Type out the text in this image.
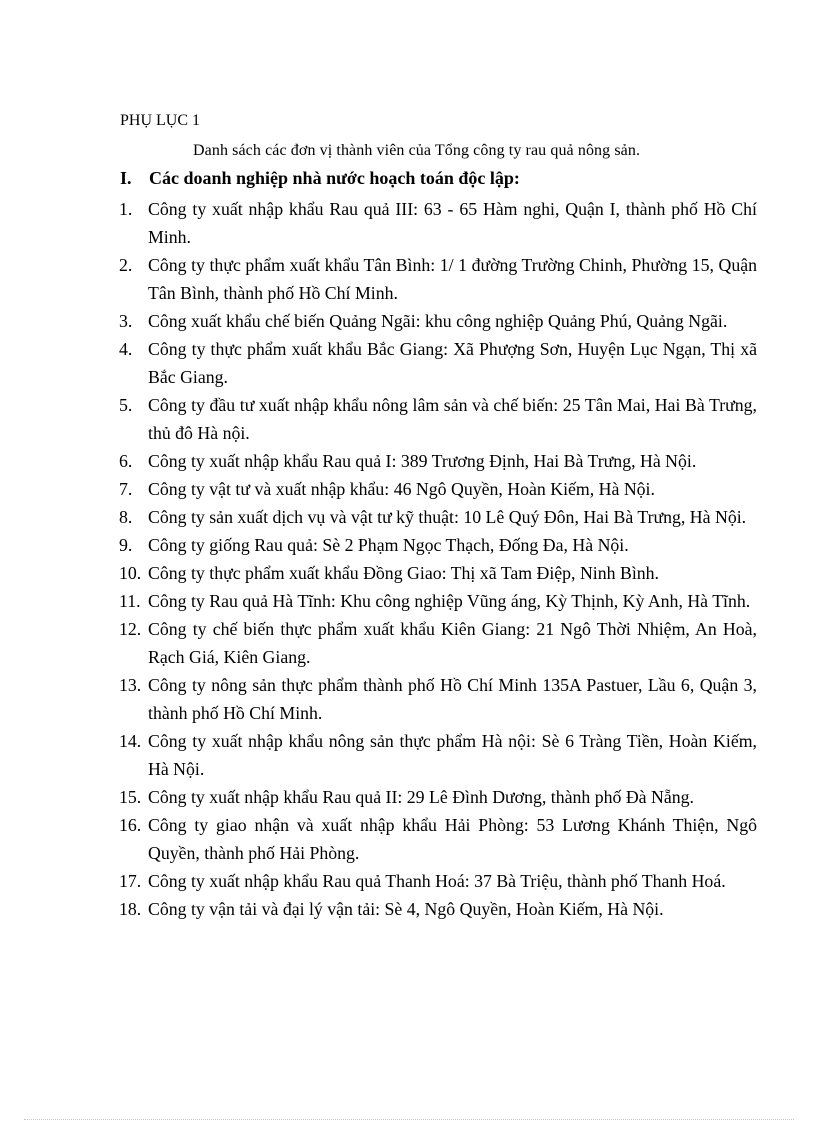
PHỤ LỤC 1
Danh sách các đơn vị thành viên của Tổng công ty rau quả nông sản.
I. Các doanh nghiệp nhà nước hoạch toán độc lập:
1. Công ty xuất nhập khẩu Rau quả III: 63 - 65 Hàm nghi, Quận I, thành phố Hồ Chí Minh.
2. Công ty thực phẩm xuất khẩu Tân Bình: 1/ 1 đường Trường Chinh, Phường 15, Quận Tân Bình, thành phố Hồ Chí Minh.
3. Công xuất khẩu chế biến Quảng Ngãi: khu công nghiệp Quảng Phú, Quảng Ngãi.
4. Công ty thực phẩm xuất khẩu Bắc Giang: Xã Phượng Sơn, Huyện Lục Ngạn, Thị xã Bắc Giang.
5. Công ty đầu tư xuất nhập khẩu nông lâm sản và chế biến: 25 Tân Mai, Hai Bà Trưng, thủ đô Hà nội.
6. Công ty xuất nhập khẩu Rau quả I: 389 Trương Định, Hai Bà Trưng, Hà Nội.
7. Công ty vật tư và xuất nhập khẩu: 46 Ngô Quyền, Hoàn Kiếm, Hà Nội.
8. Công ty sản xuất dịch vụ và vật tư kỹ thuật: 10 Lê Quý Đôn, Hai Bà Trưng, Hà Nội.
9. Công ty giống Rau quả: Sè 2 Phạm Ngọc Thạch, Đống Đa, Hà Nội.
10. Công ty thực phẩm xuất khẩu Đồng Giao: Thị xã Tam Điệp, Ninh Bình.
11. Công ty Rau quả Hà Tĩnh: Khu công nghiệp Vũng áng, Kỳ Thịnh, Kỳ Anh, Hà Tĩnh.
12. Công ty chế biến thực phẩm xuất khẩu Kiên Giang: 21 Ngô Thời Nhiệm, An Hoà, Rạch Giá, Kiên Giang.
13. Công ty nông sản thực phẩm thành phố Hồ Chí Minh 135A Pastuer, Lầu 6, Quận 3, thành phố Hồ Chí Minh.
14. Công ty xuất nhập khẩu nông sản thực phẩm Hà nội: Sè 6 Tràng Tiền, Hoàn Kiếm, Hà Nội.
15. Công ty xuất nhập khẩu Rau quả II: 29 Lê Đình Dương, thành phố Đà Nẵng.
16. Công ty giao nhận và xuất nhập khẩu Hải Phòng: 53 Lương Khánh Thiện, Ngô Quyền, thành phố Hải Phòng.
17. Công ty xuất nhập khẩu Rau quả Thanh Hoá: 37 Bà Triệu, thành phố Thanh Hoá.
18. Công ty vận tải và đại lý vận tải: Sè 4, Ngô Quyền, Hoàn Kiếm, Hà Nội.
